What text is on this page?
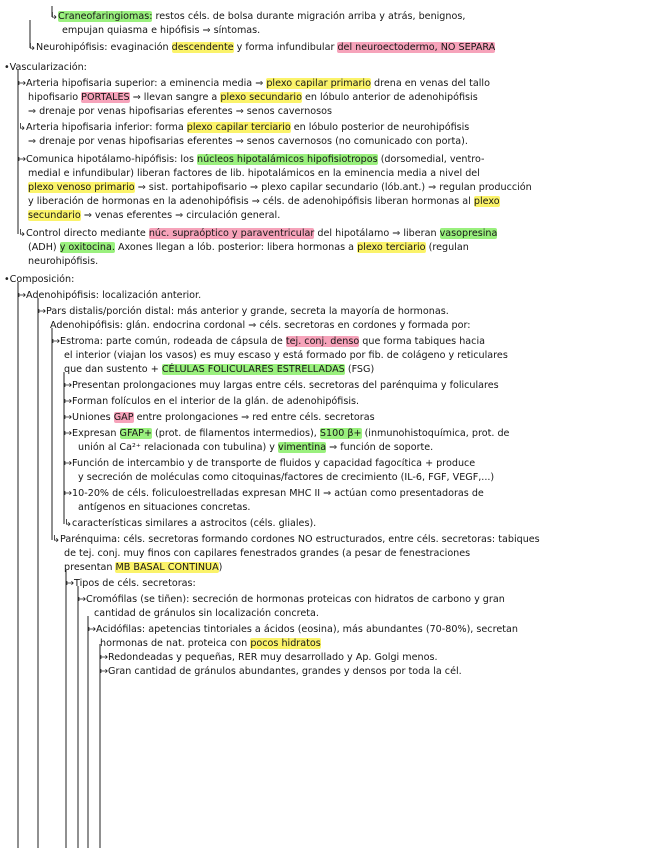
↳Craneofaringiomas: restos céls. de bolsa durante migración arriba y atrás, benignos,
empujan quiasma e hipófisis ⇒ síntomas.
↳Neurohipófisis: evaginación descendente y forma infundibular del neuroectodermo, NO SEPARA
•Vascularización:
↦Arteria hipofisaria superior: a eminencia media ⇒ plexo capilar primario drena en venas del tallo
hipofisario PORTALES ⇒ llevan sangre a plexo secundario en lóbulo anterior de adenohipófisis
⇒ drenaje por venas hipofisarias eferentes ⇒ senos cavernosos
↳Arteria hipofisaria inferior: forma plexo capilar terciario en lóbulo posterior de neurohipófisis
⇒ drenaje por venas hipofisarias eferentes ⇒ senos cavernosos (no comunicado con porta).
↦Comunica hipotálamo-hipófisis: los núcleos hipotalámicos hipofisiotropos (dorsomedial, ventro-
medial e infundibular) liberan factores de lib. hipotalámicos en la eminencia media a nivel del
plexo venoso primario ⇒ sist. portahipofisario ⇒ plexo capilar secundario (lób.ant.) ⇒ regulan producción
y liberación de hormonas en la adenohipófisis ⇒ céls. de adenohipófisis liberan hormonas al plexo
secundario ⇒ venas eferentes ⇒ circulación general.
↳Control directo mediante núc. supraóptico y paraventricular del hipotálamo ⇒ liberan vasopresina
(ADH) y oxitocina. Axones llegan a lób. posterior: libera hormonas a plexo terciario (regulan
neurohipófisis.
•Composición:
↦Adenohipófisis: localización anterior.
↦Pars distalis/porción distal: más anterior y grande, secreta la mayoría de hormonas.
Adenohipófisis: glán. endocrina cordonal ⇒ céls. secretoras en cordones y formada por:
↦Estroma: parte común, rodeada de cápsula de tej. conj. denso que forma tabiques hacia
el interior (viajan los vasos) es muy escaso y está formado por fib. de colágeno y reticulares
que dan sustento + CÉLULAS FOLICULARES ESTRELLADAS (FSG)
↦Presentan prolongaciones muy largas entre céls. secretoras del parénquima y foliculares
↦Forman folículos en el interior de la glán. de adenohipófisis.
↦Uniones GAP entre prolongaciones ⇒ red entre céls. secretoras
↦Expresan GFAP+ (prot. de filamentos intermedios), S100 β+ (inmunohistoquímica, prot. de
unión al Ca²⁺ relacionada con tubulina) y vimentina ⇒ función de soporte.
↦Función de intercambio y de transporte de fluidos y capacidad fagocítica + produce
y secreción de moléculas como citoquinas/factores de crecimiento (IL-6, FGF, VEGF,...)
↦10-20% de céls. foliculoestrelladas expresan MHC II ⇒ actúan como presentadoras de
antígenos en situaciones concretas.
↳características similares a astrocitos (céls. gliales).
↳Parénquima: céls. secretoras formando cordones NO estructurados, entre céls. secretoras: tabiques
de tej. conj. muy finos con capilares fenestrados grandes (a pesar de fenestraciones
presentan MB BASAL CONTINUA)
↦Tipos de céls. secretoras:
↦Cromófilas (se tiñen): secreción de hormonas proteicas con hidratos de carbono y gran
cantidad de gránulos sin localización concreta.
↦Acidófilas: apetencias tintoriales a ácidos (eosina), más abundantes (70-80%), secretan
hormonas de nat. proteica con pocos hidratos
↦Redondeadas y pequeñas, RER muy desarrollado y Ap. Golgi menos.
↦Gran cantidad de gránulos abundantes, grandes y densos por toda la cél.
